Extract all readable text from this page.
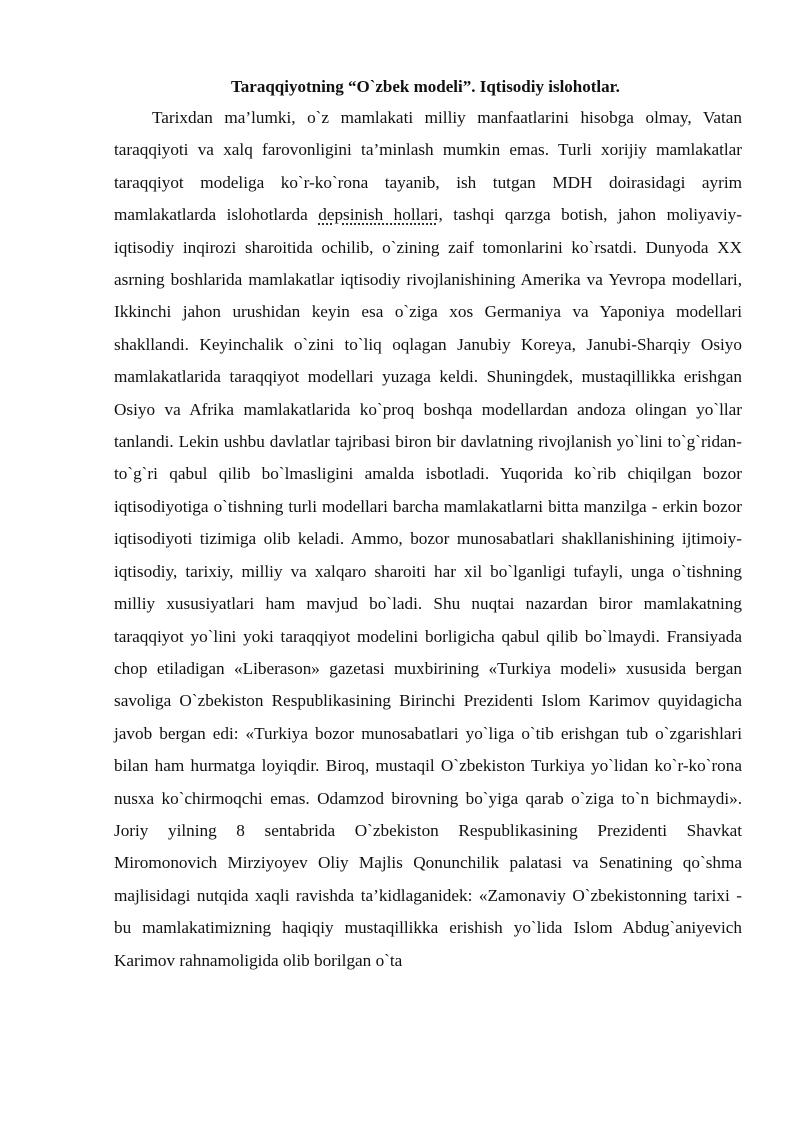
Taraqqiyotning “O`zbek modeli”. Iqtisodiy islohotlar.

Tarixdan ma’lumki, o`z mamlakati milliy manfaatlarini hisobga olmay, Vatan taraqqiyoti va xalq farovonligini ta’minlash mumkin emas. Turli xorijiy mamlakatlar taraqqiyot modeliga ko`r-ko`rona tayanib, ish tutgan MDH doirasidagi ayrim mamlakatlarda islohotlarda depsinish hollari, tashqi qarzga botish, jahon moliyaviy-iqtisodiy inqirozi sharoitida ochilib, o`zining zaif tomonlarini ko`rsatdi. Dunyoda XX asrning boshlarida mamlakatlar iqtisodiy rivojlanishining Amerika va Yevropa modellari, Ikkinchi jahon urushidan keyin esa o`ziga xos Germaniya va Yaponiya modellari shakllandi. Keyinchalik o`zini to`liq oqlagan Janubiy Koreya, Janubi-Sharqiy Osiyo mamlakatlarida taraqqiyot modellari yuzaga keldi. Shuningdek, mustaqillikka erishgan Osiyo va Afrika mamlakatlarida ko`proq boshqa modellardan andoza olingan yo`llar tanlandi. Lekin ushbu davlatlar tajribasi biron bir davlatning rivojlanish yo`lini to`g`ridan-to`g`ri qabul qilib bo`lmasligini amalda isbotladi. Yuqorida ko`rib chiqilgan bozor iqtisodiyotiga o`tishning turli modellari barcha mamlakatlarni bitta manzilga - erkin bozor iqtisodiyoti tizimiga olib keladi. Ammo, bozor munosabatlari shakllanishining ijtimoiy-iqtisodiy, tarixiy, milliy va xalqaro sharoiti har xil bo`lganligi tufayli, unga o`tishning milliy xususiyatlari ham mavjud bo`ladi. Shu nuqtai nazardan biror mamlakatning taraqqiyot yo`lini yoki taraqqiyot modelini borligicha qabul qilib bo`lmaydi. Fransiyada chop etiladigan «Liberason» gazetasi muxbirining «Turkiya modeli» xususida bergan savoliga O`zbekiston Respublikasining Birinchi Prezidenti Islom Karimov quyidagicha javob bergan edi: «Turkiya bozor munosabatlari yo`liga o`tib erishgan tub o`zgarishlari bilan ham hurmatga loyiqdir. Biroq, mustaqil O`zbekiston Turkiya yo`lidan ko`r-ko`rona nusxa ko`chirmoqchi emas. Odamzod birovning bo`yiga qarab o`ziga to`n bichmaydi». Joriy yilning 8 sentabrida O`zbekiston Respublikasining Prezidenti Shavkat Miromonovich Mirziyoyev Oliy Majlis Qonunchilik palatasi va Senatining qo`shma majlisidagi nutqida xaqli ravishda ta’kidlaganidek: «Zamonaviy O`zbekistonning tarixi - bu mamlakatimizning haqiqiy mustaqillikka erishish yo`lida Islom Abdug`aniyevich Karimov rahnamoligida olib borilgan o`ta
